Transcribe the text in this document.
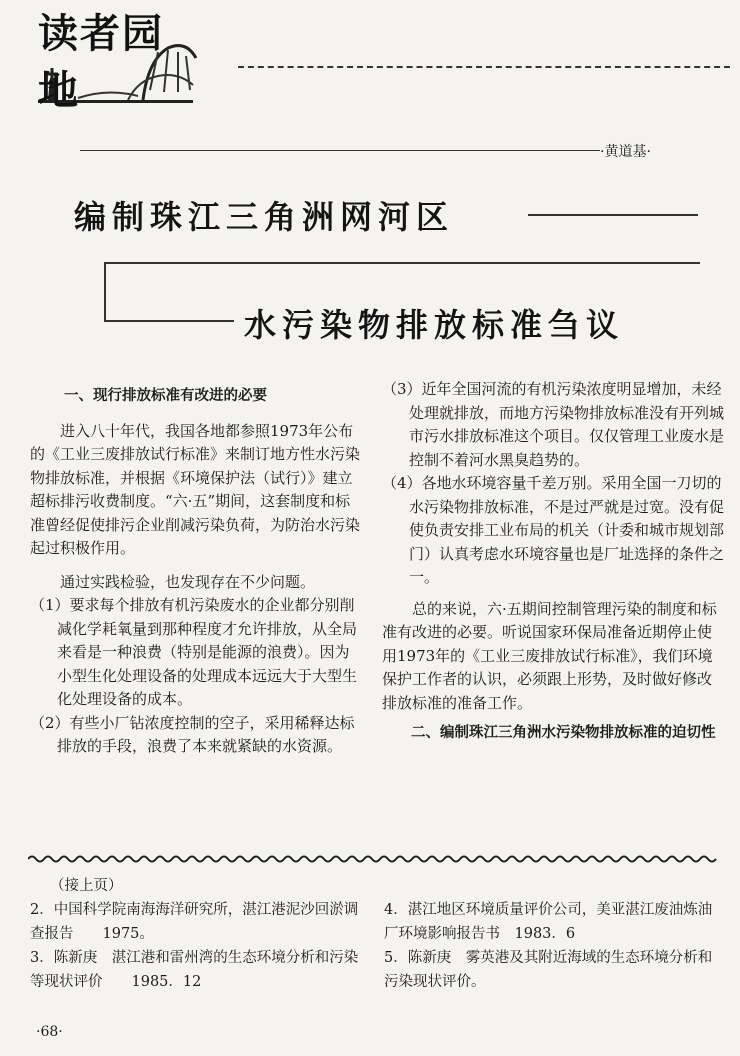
读者园地
·黄道基·
编制珠江三角洲网河区
水污染物排放标准刍议

一、现行排放标准有改进的必要

进入八十年代，我国各地都参照1973年公布的《工业三废排放试行标准》来制订地方性水污染物排放标准，并根据《环境保护法（试行）》建立超标排污收费制度。“六·五”期间，这套制度和标准曾经促使排污企业削减污染负荷，为防治水污染起过积极作用。

通过实践检验，也发现存在不少问题。

（1）要求每个排放有机污染废水的企业都分别削减化学耗氧量到那种程度才允许排放，从全局来看是一种浪费（特别是能源的浪费）。因为小型生化处理设备的处理成本远远大于大型生化处理设备的成本。

（2）有些小厂钻浓度控制的空子，采用稀释达标排放的手段，浪费了本来就紧缺的水资源。

（3）近年全国河流的有机污染浓度明显增加，未经处理就排放，而地方污染物排放标准没有开列城市污水排放标准这个项目。仅仅管理工业废水是控制不着河水黑臭趋势的。

（4）各地水环境容量千差万别。采用全国一刀切的水污染物排放标准，不是过严就是过宽。没有促使负责安排工业布局的机关（计委和城市规划部门）认真考虑水环境容量也是厂址选择的条件之一。

总的来说，六·五期间控制管理污染的制度和标准有改进的必要。听说国家环保局准备近期停止使用1973年的《工业三废排放试行标准》，我们环境保护工作者的认识，必须跟上形势，及时做好修改排放标准的准备工作。

二、编制珠江三角洲水污染物排放标准的迫切性

（接上页）

2．中国科学院南海海洋研究所，湛江港泥沙回淤调查报告　　1975。

3．陈新庚　湛江港和雷州湾的生态环境分析和污染等现状评价　　1985．12

4．湛江地区环境质量评价公司，美亚湛江废油炼油厂环境影响报告书　1983．6

5．陈新庚　雾英港及其附近海域的生态环境分析和污染现状评价。

·68·
